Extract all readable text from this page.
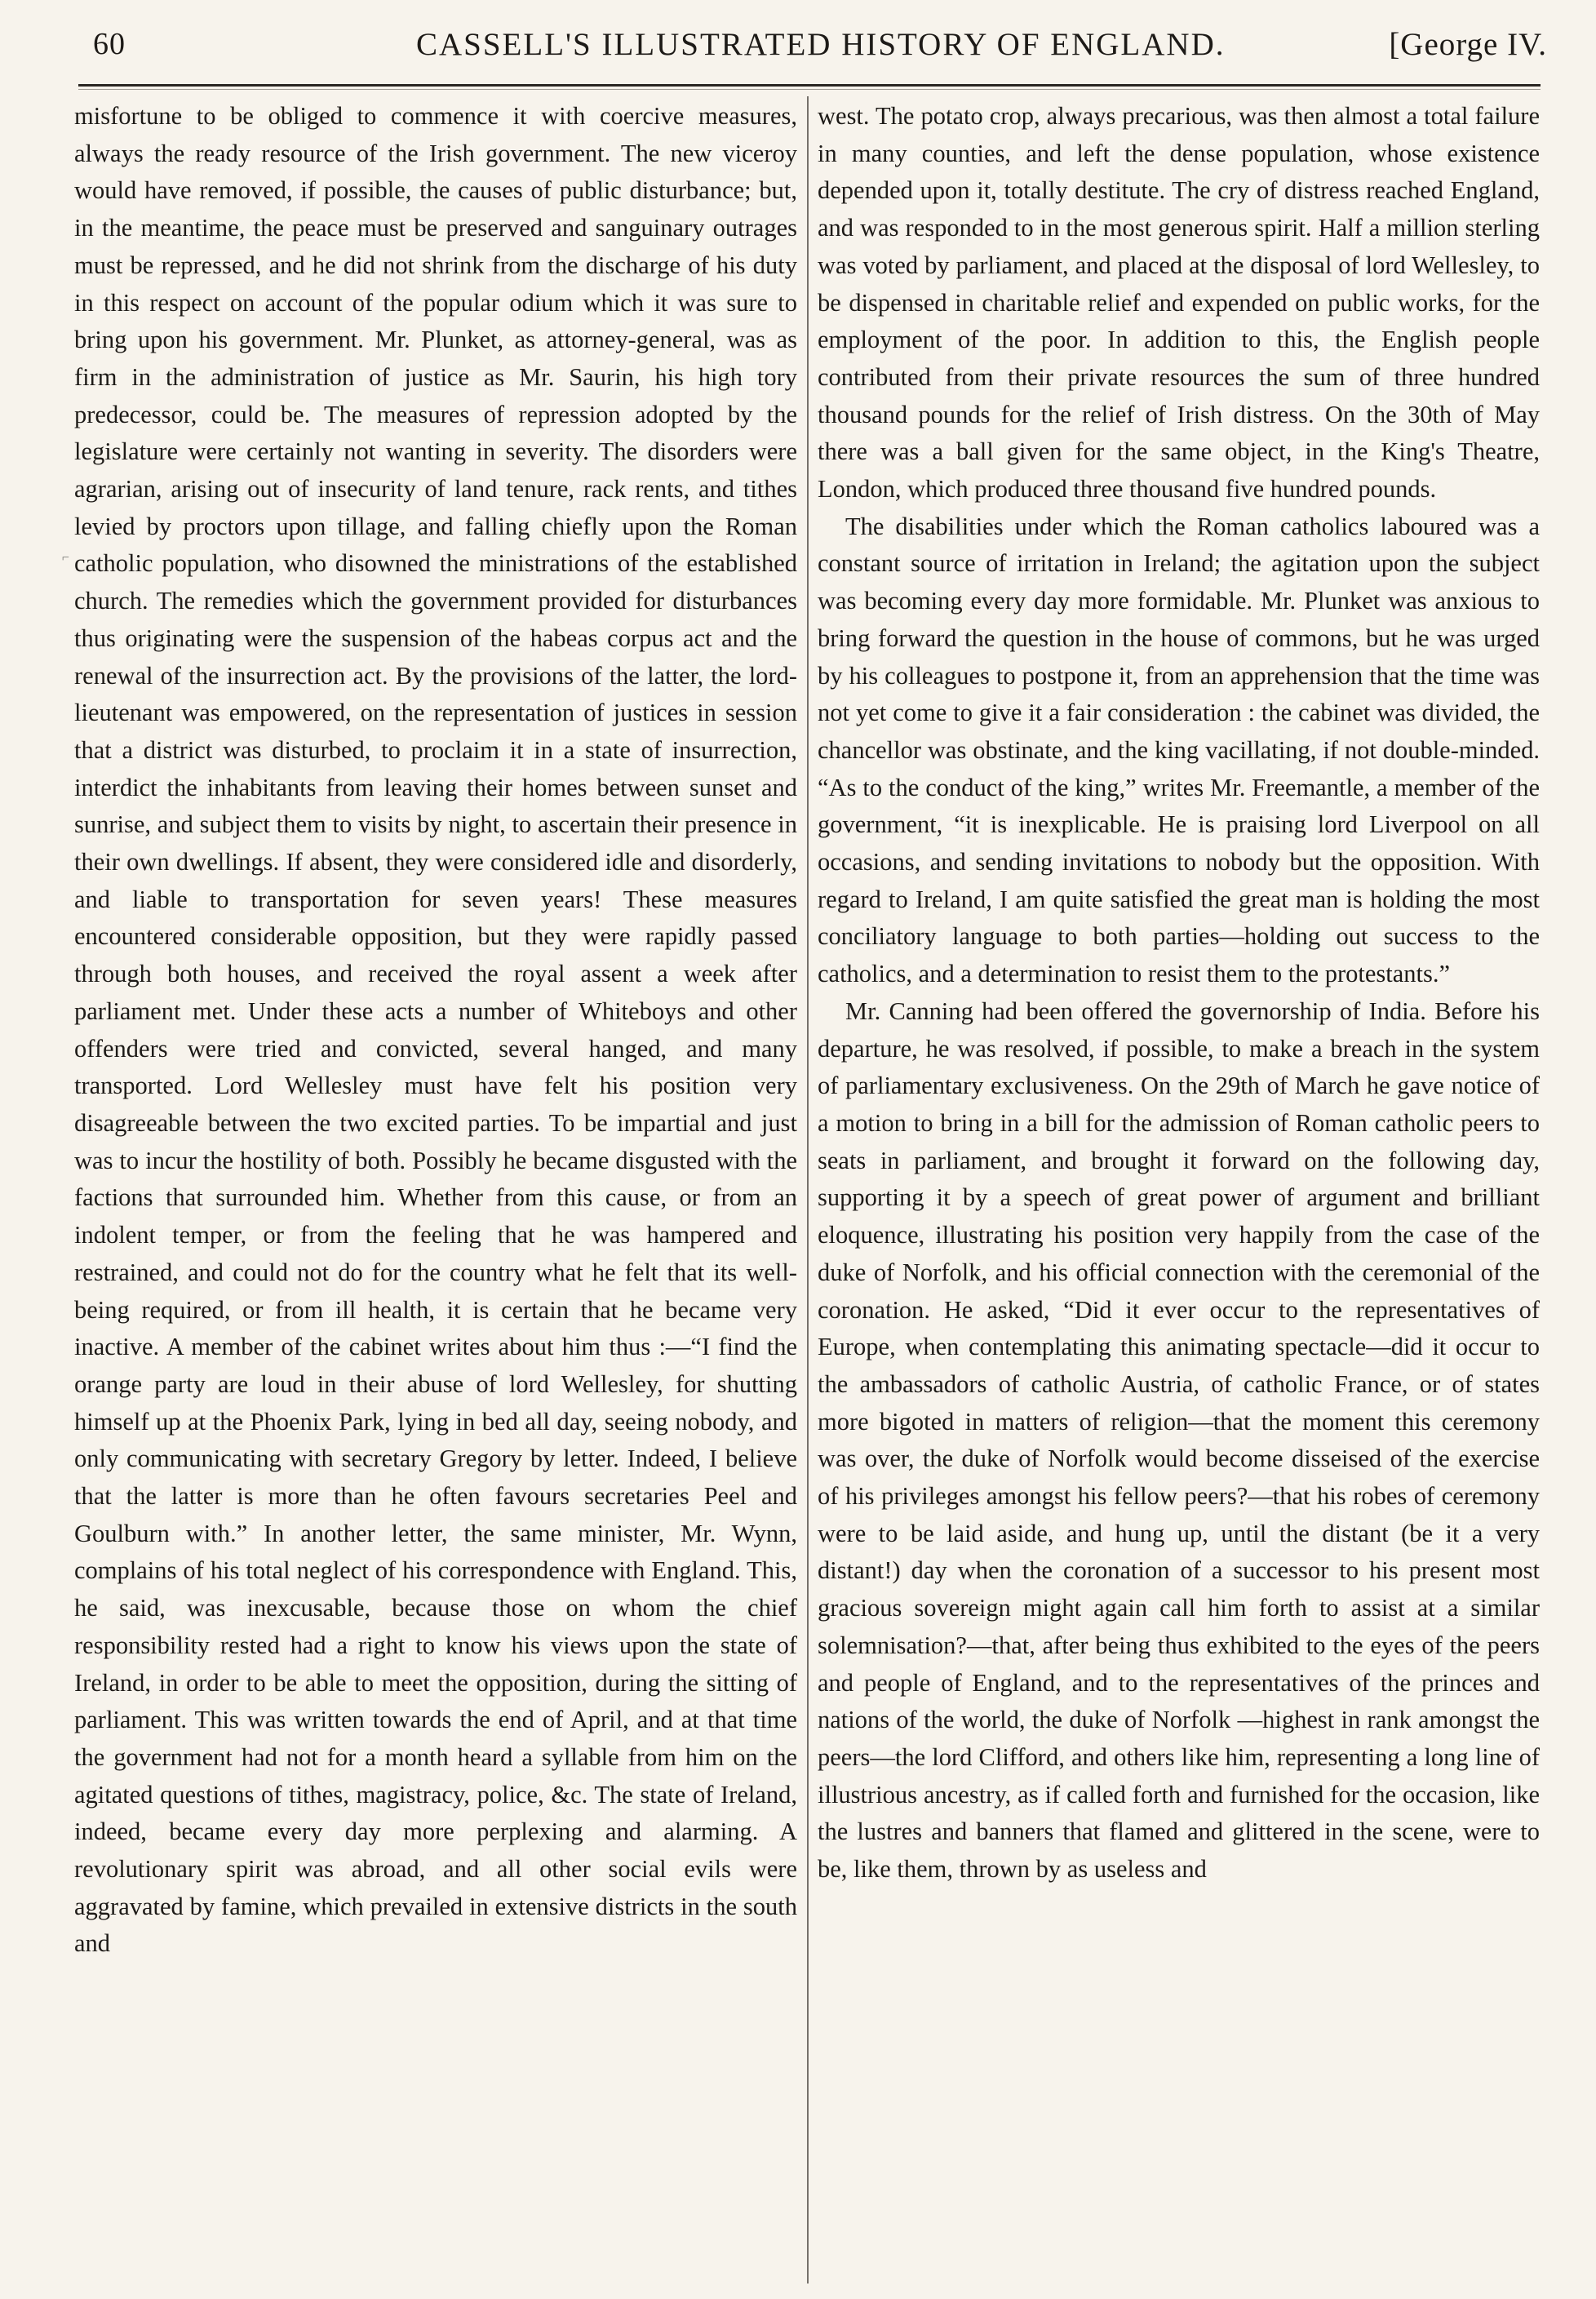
60	CASSELL'S ILLUSTRATED HISTORY OF ENGLAND.	[George IV.

misfortune to be obliged to commence it with coercive measures, always the ready resource of the Irish government. The new viceroy would have removed, if possible, the causes of public disturbance; but, in the meantime, the peace must be preserved and sanguinary outrages must be repressed, and he did not shrink from the discharge of his duty in this respect on account of the popular odium which it was sure to bring upon his government. Mr. Plunket, as attorney-general, was as firm in the administration of justice as Mr. Saurin, his high tory predecessor, could be. The measures of repression adopted by the legislature were certainly not wanting in severity. The disorders were agrarian, arising out of insecurity of land tenure, rack rents, and tithes levied by proctors upon tillage, and falling chiefly upon the Roman catholic population, who disowned the ministrations of the established church. The remedies which the government provided for disturbances thus originating were the suspension of the habeas corpus act and the renewal of the insurrection act. By the provisions of the latter, the lord-lieutenant was empowered, on the representation of justices in session that a district was disturbed, to proclaim it in a state of insurrection, interdict the inhabitants from leaving their homes between sunset and sunrise, and subject them to visits by night, to ascertain their presence in their own dwellings. If absent, they were considered idle and disorderly, and liable to transportation for seven years! These measures encountered considerable opposition, but they were rapidly passed through both houses, and received the royal assent a week after parliament met. Under these acts a number of Whiteboys and other offenders were tried and convicted, several hanged, and many transported. Lord Wellesley must have felt his position very disagreeable between the two excited parties. To be impartial and just was to incur the hostility of both. Possibly he became disgusted with the factions that surrounded him. Whether from this cause, or from an indolent temper, or from the feeling that he was hampered and restrained, and could not do for the country what he felt that its well-being required, or from ill health, it is certain that he became very inactive. A member of the cabinet writes about him thus :—“I find the orange party are loud in their abuse of lord Wellesley, for shutting himself up at the Phoenix Park, lying in bed all day, seeing nobody, and only communicating with secretary Gregory by letter. Indeed, I believe that the latter is more than he often favours secretaries Peel and Goulburn with.” In another letter, the same minister, Mr. Wynn, complains of his total neglect of his correspondence with England. This, he said, was inexcusable, because those on whom the chief responsibility rested had a right to know his views upon the state of Ireland, in order to be able to meet the opposition, during the sitting of parliament. This was written towards the end of April, and at that time the government had not for a month heard a syllable from him on the agitated questions of tithes, magistracy, police, &c. The state of Ireland, indeed, became every day more perplexing and alarming. A revolutionary spirit was abroad, and all other social evils were aggravated by famine, which prevailed in extensive districts in the south and

west. The potato crop, always precarious, was then almost a total failure in many counties, and left the dense population, whose existence depended upon it, totally destitute. The cry of distress reached England, and was responded to in the most generous spirit. Half a million sterling was voted by parliament, and placed at the disposal of lord Wellesley, to be dispensed in charitable relief and expended on public works, for the employment of the poor. In addition to this, the English people contributed from their private resources the sum of three hundred thousand pounds for the relief of Irish distress. On the 30th of May there was a ball given for the same object, in the King's Theatre, London, which produced three thousand five hundred pounds.

The disabilities under which the Roman catholics laboured was a constant source of irritation in Ireland; the agitation upon the subject was becoming every day more formidable. Mr. Plunket was anxious to bring forward the question in the house of commons, but he was urged by his colleagues to postpone it, from an apprehension that the time was not yet come to give it a fair consideration : the cabinet was divided, the chancellor was obstinate, and the king vacillating, if not double-minded. “As to the conduct of the king,” writes Mr. Freemantle, a member of the government, “it is inexplicable. He is praising lord Liverpool on all occasions, and sending invitations to nobody but the opposition. With regard to Ireland, I am quite satisfied the great man is holding the most conciliatory language to both parties—holding out success to the catholics, and a determination to resist them to the protestants.”

Mr. Canning had been offered the governorship of India. Before his departure, he was resolved, if possible, to make a breach in the system of parliamentary exclusiveness. On the 29th of March he gave notice of a motion to bring in a bill for the admission of Roman catholic peers to seats in parliament, and brought it forward on the following day, supporting it by a speech of great power of argument and brilliant eloquence, illustrating his position very happily from the case of the duke of Norfolk, and his official connection with the ceremonial of the coronation. He asked, “Did it ever occur to the representatives of Europe, when contemplating this animating spectacle—did it occur to the ambassadors of catholic Austria, of catholic France, or of states more bigoted in matters of religion—that the moment this ceremony was over, the duke of Norfolk would become disseised of the exercise of his privileges amongst his fellow peers?—that his robes of ceremony were to be laid aside, and hung up, until the distant (be it a very distant!) day when the coronation of a successor to his present most gracious sovereign might again call him forth to assist at a similar solemnisation?—that, after being thus exhibited to the eyes of the peers and people of England, and to the representatives of the princes and nations of the world, the duke of Norfolk —highest in rank amongst the peers—the lord Clifford, and others like him, representing a long line of illustrious ancestry, as if called forth and furnished for the occasion, like the lustres and banners that flamed and glittered in the scene, were to be, like them, thrown by as useless and

⌐
